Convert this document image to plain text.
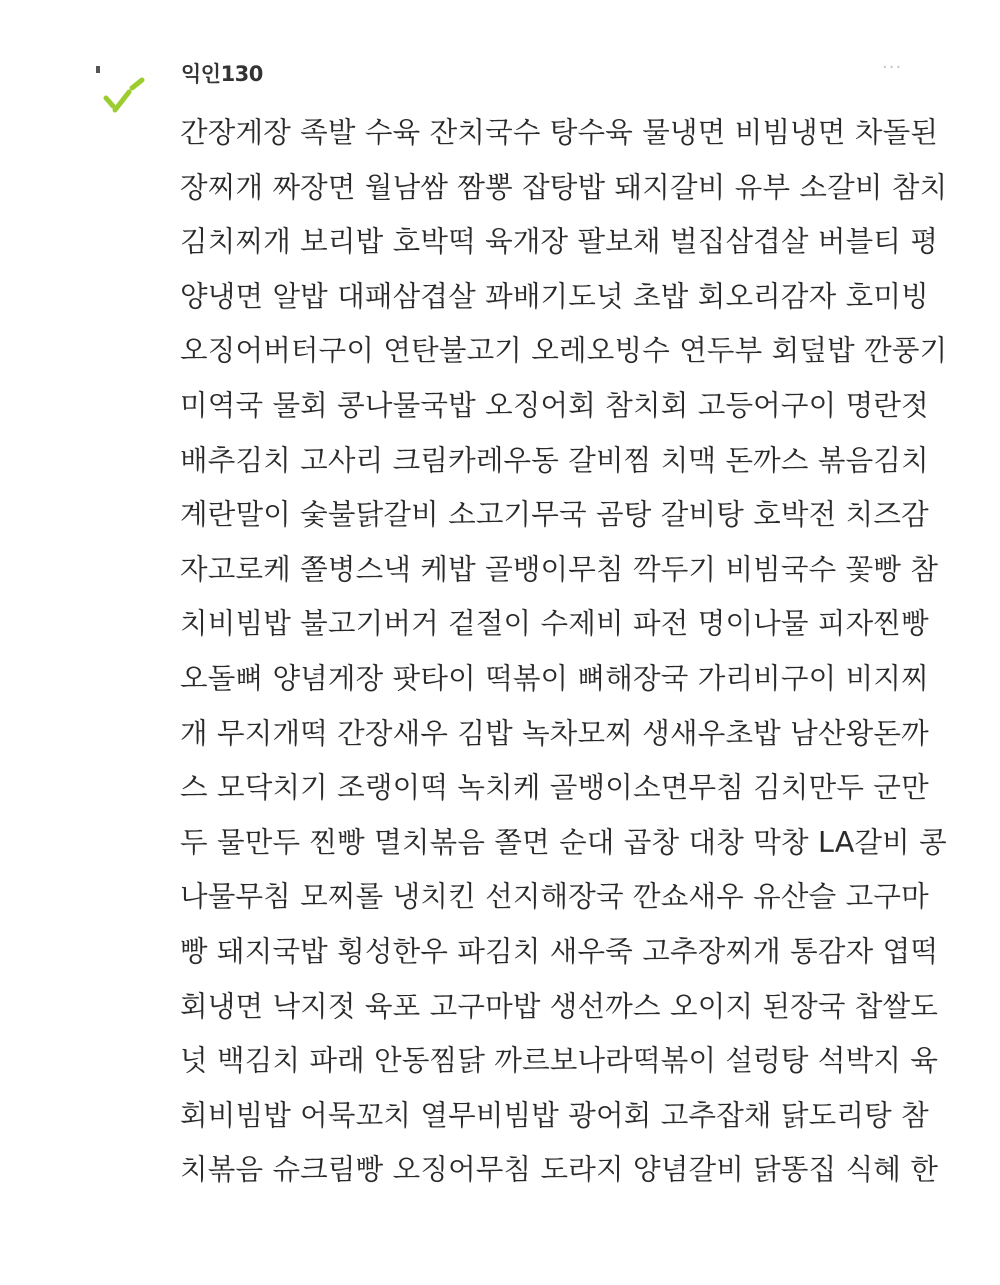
익인130	···
간장게장 족발 수육 잔치국수 탕수육 물냉면 비빔냉면 차돌된
장찌개 짜장면 월남쌈 짬뽕 잡탕밥 돼지갈비 유부 소갈비 참치
김치찌개 보리밥 호박떡 육개장 팔보채 벌집삼겹살 버블티 평
양냉면 알밥 대패삼겹살 꽈배기도넛 초밥 회오리감자 호미빙
오징어버터구이 연탄불고기 오레오빙수 연두부 회덮밥 깐풍기
미역국 물회 콩나물국밥 오징어회 참치회 고등어구이 명란젓
배추김치 고사리 크림카레우동 갈비찜 치맥 돈까스 볶음김치
계란말이 숯불닭갈비 소고기무국 곰탕 갈비탕 호박전 치즈감
자고로케 쫄병스낵 케밥 골뱅이무침 깍두기 비빔국수 꽃빵 참
치비빔밥 불고기버거 겉절이 수제비 파전 명이나물 피자찐빵
오돌뼈 양념게장 팟타이 떡볶이 뼈해장국 가리비구이 비지찌
개 무지개떡 간장새우 김밥 녹차모찌 생새우초밥 남산왕돈까
스 모닥치기 조랭이떡 녹치케 골뱅이소면무침 김치만두 군만
두 물만두 찐빵 멸치볶음 쫄면 순대 곱창 대창 막창 LA갈비 콩
나물무침 모찌롤 냉치킨 선지해장국 깐쇼새우 유산슬 고구마
빵 돼지국밥 횡성한우 파김치 새우죽 고추장찌개 통감자 엽떡
회냉면 낙지젓 육포 고구마밥 생선까스 오이지 된장국 찹쌀도
넛 백김치 파래 안동찜닭 까르보나라떡볶이 설렁탕 석박지 육
회비빔밥 어묵꼬치 열무비빔밥 광어회 고추잡채 닭도리탕 참
치볶음 슈크림빵 오징어무침 도라지 양념갈비 닭똥집 식혜 한
